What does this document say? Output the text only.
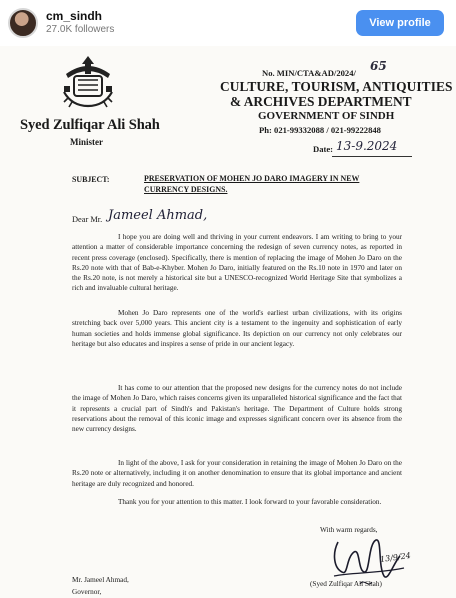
cm_sindh
27.0K followers
View profile
Syed Zulfiqar Ali Shah
Minister
No. MIN/CTA&AD/2024/ 65
CULTURE, TOURISM, ANTIQUITIES
& ARCHIVES DEPARTMENT
GOVERNMENT OF SINDH
Ph: 021-99332088 / 021-99222848
Date: 13-9.2024
SUBJECT:	PRESERVATION OF MOHEN JO DARO IMAGERY IN NEW CURRENCY DESIGNS.
Dear Mr. Jameel Ahmad,

I hope you are doing well and thriving in your current endeavors. I am writing to bring to your attention a matter of considerable importance concerning the redesign of seven currency notes, as reported in recent press coverage (enclosed). Specifically, there is mention of replacing the image of Mohen Jo Daro on the Rs.20 note with that of Bab-e-Khyber. Mohen Jo Daro, initially featured on the Rs.10 note in 1970 and later on the Rs.20 note, is not merely a historical site but a UNESCO-recognized World Heritage Site that symbolizes a rich and invaluable cultural heritage.

Mohen Jo Daro represents one of the world's earliest urban civilizations, with its origins stretching back over 5,000 years. This ancient city is a testament to the ingenuity and sophistication of early human societies and holds immense global significance. Its depiction on our currency not only celebrates our heritage but also educates and inspires a sense of pride in our ancient legacy.

It has come to our attention that the proposed new designs for the currency notes do not include the image of Mohen Jo Daro, which raises concerns given its unparalleled historical significance and the fact that it represents a crucial part of Sindh's and Pakistan's heritage. The Department of Culture holds strong reservations about the removal of this iconic image and expresses significant concern over its absence from the new currency designs.

In light of the above, I ask for your consideration in retaining the image of Mohen Jo Daro on the Rs.20 note or alternatively, including it on another denomination to ensure that its global importance and ancient heritage are duly recognized and honored.

Thank you for your attention to this matter. I look forward to your favorable consideration.

With warm regards,
13/9/24
(Syed Zulfiqar Ali Shah)
Mr. Jameel Ahmad,
Governor,
